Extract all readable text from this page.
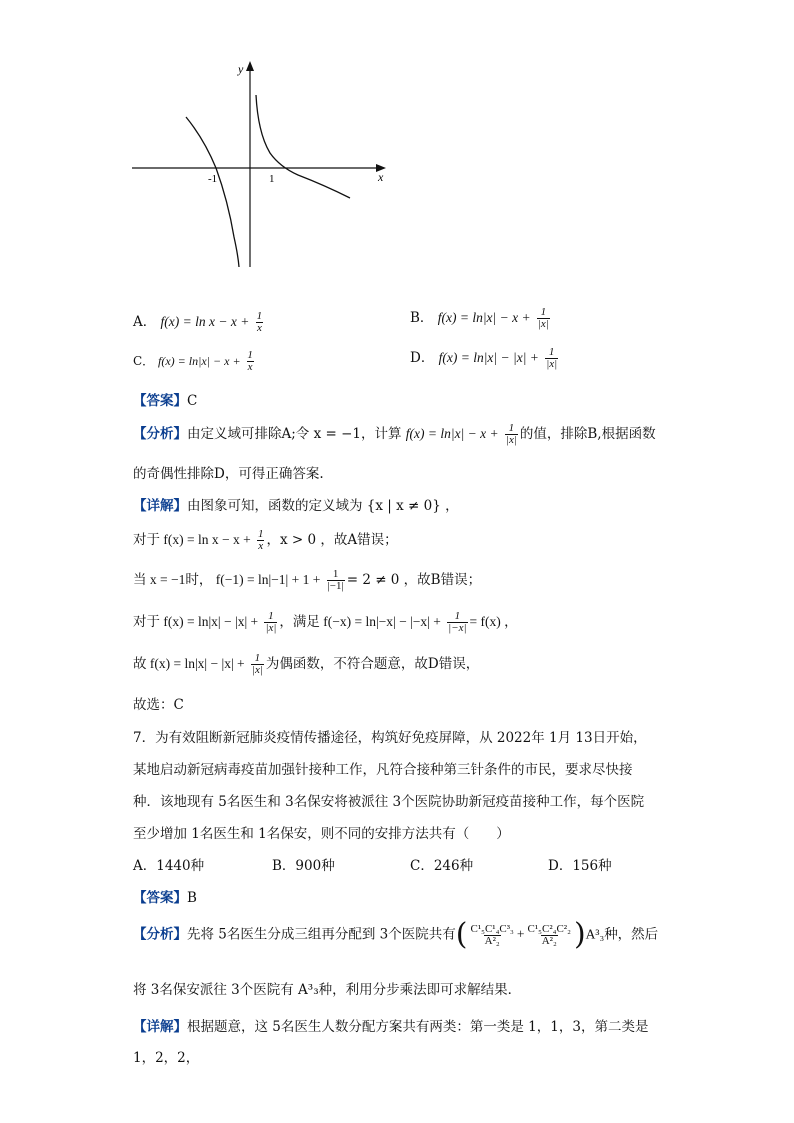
y
x
-1	1
A． $f(x) = \ln x - x + \frac{1}{x}$	B． $f(x) = \ln|x| - x + \frac{1}{|x|}$
C． $f(x) = \ln|x| - x + \frac{1}{x}$	D． $f(x) = \ln|x| - |x| + \frac{1}{|x|}$
【答案】C
【分析】由定义域可排除A;令 x = −1，计算 $f(x) = \ln|x| - x + \frac{1}{|x|}$ 的值，排除B,根据函数
的奇偶性排除D，可得正确答案.
【详解】由图象可知，函数的定义域为 {x | x ≠ 0} ，
对于 $f(x) = \ln x - x + \frac{1}{x}$ ，x > 0 ，故A错误；
当 x = −1时， $f(-1) = \ln|-1| + 1 + \frac{1}{|-1|} = 2 \ne 0$ ，故B错误；
对于 $f(x) = \ln|x| - |x| + \frac{1}{|x|}$ ，满足 $f(-x) = \ln|-x| - |-x| + \frac{1}{|-x|} = f(x)$ ，
故 $f(x) = \ln|x| - |x| + \frac{1}{|x|}$ 为偶函数，不符合题意，故D错误，
故选：C
7．为有效阻断新冠肺炎疫情传播途径，构筑好免疫屏障，从 2022年 1月 13日开始，
某地启动新冠病毒疫苗加强针接种工作，凡符合接种第三针条件的市民，要求尽快接
种．该地现有 5名医生和 3名保安将被派往 3个医院协助新冠疫苗接种工作，每个医院
至少增加 1名医生和 1名保安，则不同的安排方法共有（　　）
A．1440种	B．900种	C．246种	D．156种
【答案】B
【分析】先将 5名医生分成三组再分配到 3个医院共有( $\frac{\text{C¹₅C¹₄C³₃}}{\text{A²₂}} + \frac{\text{C¹₅C²₄C²₂}}{\text{A²₂}} )A^3_3$种，然后
将 3名保安派往 3个医院有 A³₃种，利用分步乘法即可求解结果．
【详解】根据题意，这 5名医生人数分配方案共有两类：第一类是 1，1，3，第二类是
1，2，2，
